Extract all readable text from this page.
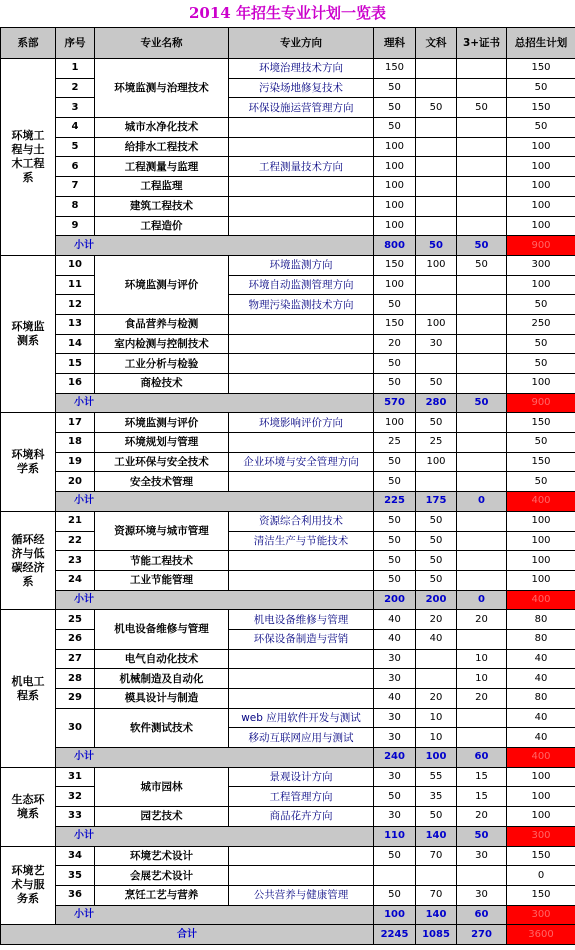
2014 年招生专业计划一览表
系部	序号	专业名称	专业方向	理科	文科	3+证书	总招生计划
环境工程与土木工程系	1	环境监测与治理技术	环境治理技术方向	150			150
	2		污染场地修复技术	50			50
	3		环保设施运营管理方向	50	50	50	150
	4	城市水净化技术		50			50
	5	给排水工程技术		100			100
	6	工程测量与监理	工程测量技术方向	100			100
	7	工程监理		100			100
	8	建筑工程技术		100			100
	9	工程造价		100			100
	小计			800	50	50	900
环境监测系	10	环境监测与评价	环境监测方向	150	100	50	300
	11		环境自动监测管理方向	100			100
	12		物理污染监测技术方向	50			50
	13	食品营养与检测		150	100		250
	14	室内检测与控制技术		20	30		50
	15	工业分析与检验		50			50
	16	商检技术		50	50		100
	小计			570	280	50	900
环境科学系	17	环境监测与评价	环境影响评价方向	100	50		150
	18	环境规划与管理		25	25		50
	19	工业环保与安全技术	企业环境与安全管理方向	50	100		150
	20	安全技术管理		50			50
	小计			225	175	0	400
循环经济与低碳经济系	21	资源环境与城市管理	资源综合利用技术	50	50		100
	22		清洁生产与节能技术	50	50		100
	23	节能工程技术		50	50		100
	24	工业节能管理		50	50		100
	小计			200	200	0	400
机电工程系	25	机电设备维修与管理	机电设备维修与管理	40	20	20	80
	26		环保设备制造与营销	40	40		80
	27	电气自动化技术		30		10	40
	28	机械制造及自动化		30		10	40
	29	模具设计与制造		40	20	20	80
	30	软件测试技术	web 应用软件开发与测试	30	10		40
			移动互联网应用与测试	30	10		40
	小计			240	100	60	400
生态环境系	31	城市园林	景观设计方向	30	55	15	100
	32		工程管理方向	50	35	15	100
	33	园艺技术	商品花卉方向	30	50	20	100
	小计			110	140	50	300
环境艺术与服务系	34	环境艺术设计		50	70	30	150
	35	会展艺术设计					0
	36	烹饪工艺与营养	公共营养与健康管理	50	70	30	150
	小计			100	140	60	300
合计				2245	1085	270	3600
